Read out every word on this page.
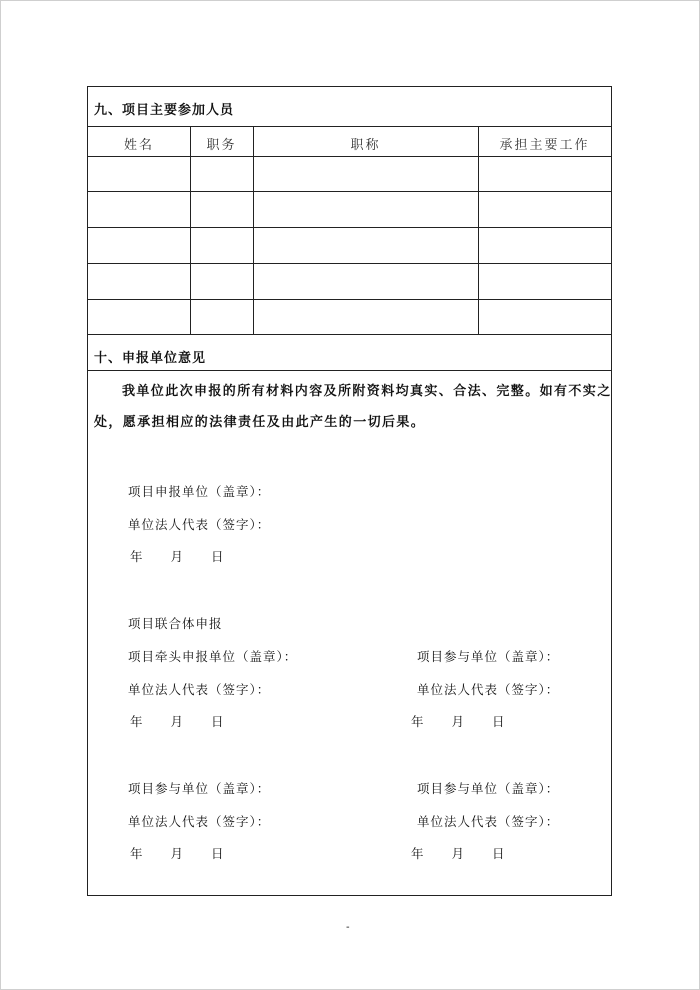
九、项目主要参加人员
姓名	职务	职称	承担主要工作
十、申报单位意见
我单位此次申报的所有材料内容及所附资料均真实、合法、完整。如有不实之
处，愿承担相应的法律责任及由此产生的一切后果。
项目申报单位（盖章）：
单位法人代表（签字）：
年 月 日
项目联合体申报
项目牵头申报单位（盖章）：	项目参与单位（盖章）：
单位法人代表（签字）：	单位法人代表（签字）：
年 月 日	年 月 日
项目参与单位（盖章）：	项目参与单位（盖章）：
单位法人代表（签字）：	单位法人代表（签字）：
年 月 日	年 月 日
-
